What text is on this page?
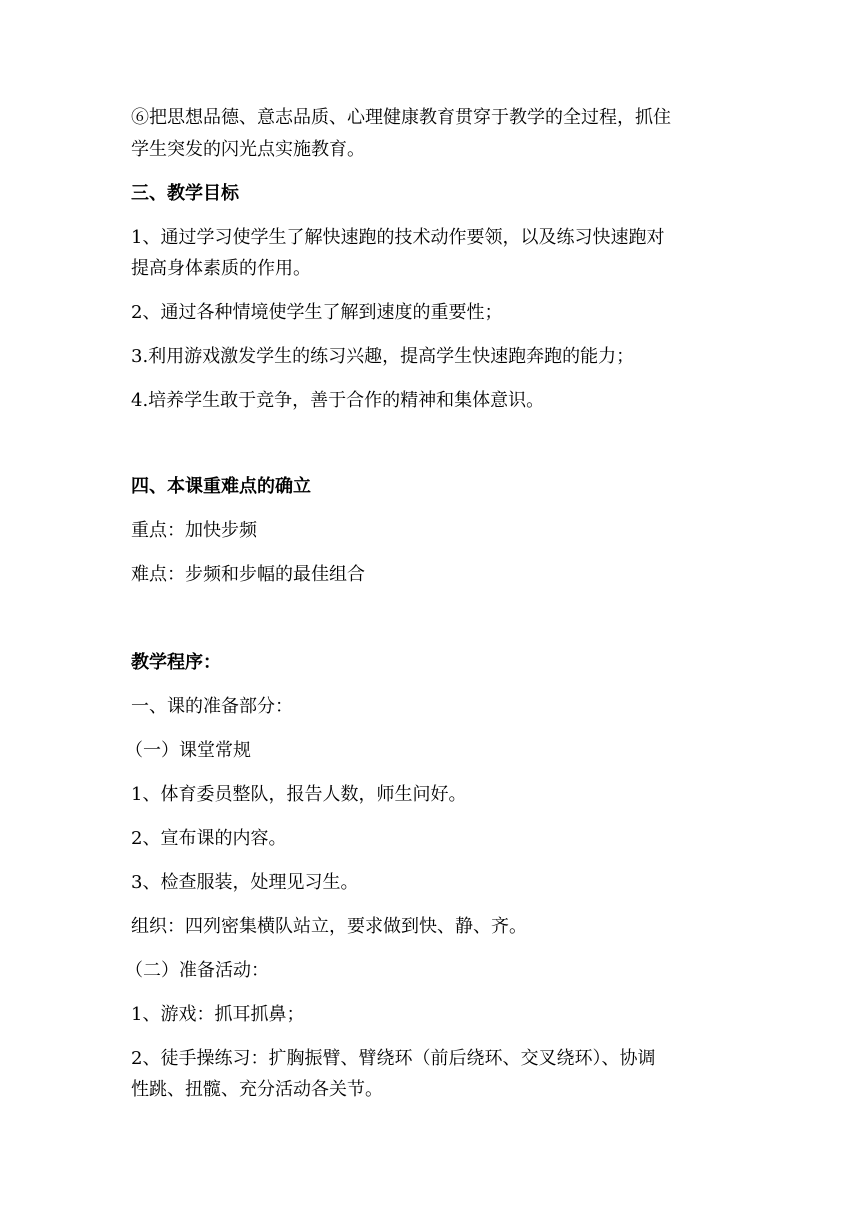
⑥把思想品德、意志品质、心理健康教育贯穿于教学的全过程，抓住
学生突发的闪光点实施教育。
三、教学目标
1、通过学习使学生了解快速跑的技术动作要领，以及练习快速跑对
提高身体素质的作用。
2、通过各种情境使学生了解到速度的重要性；
3.利用游戏激发学生的练习兴趣，提高学生快速跑奔跑的能力；
4.培养学生敢于竞争，善于合作的精神和集体意识。
四、本课重难点的确立
重点：加快步频
难点：步频和步幅的最佳组合
教学程序：
一、课的准备部分：
（一）课堂常规
1、体育委员整队，报告人数，师生问好。
2、宣布课的内容。
3、检查服装，处理见习生。
组织：四列密集横队站立，要求做到快、静、齐。
（二）准备活动：
1、游戏：抓耳抓鼻；
2、徒手操练习：扩胸振臂、臂绕环（前后绕环、交叉绕环）、协调
性跳、扭髋、充分活动各关节。
